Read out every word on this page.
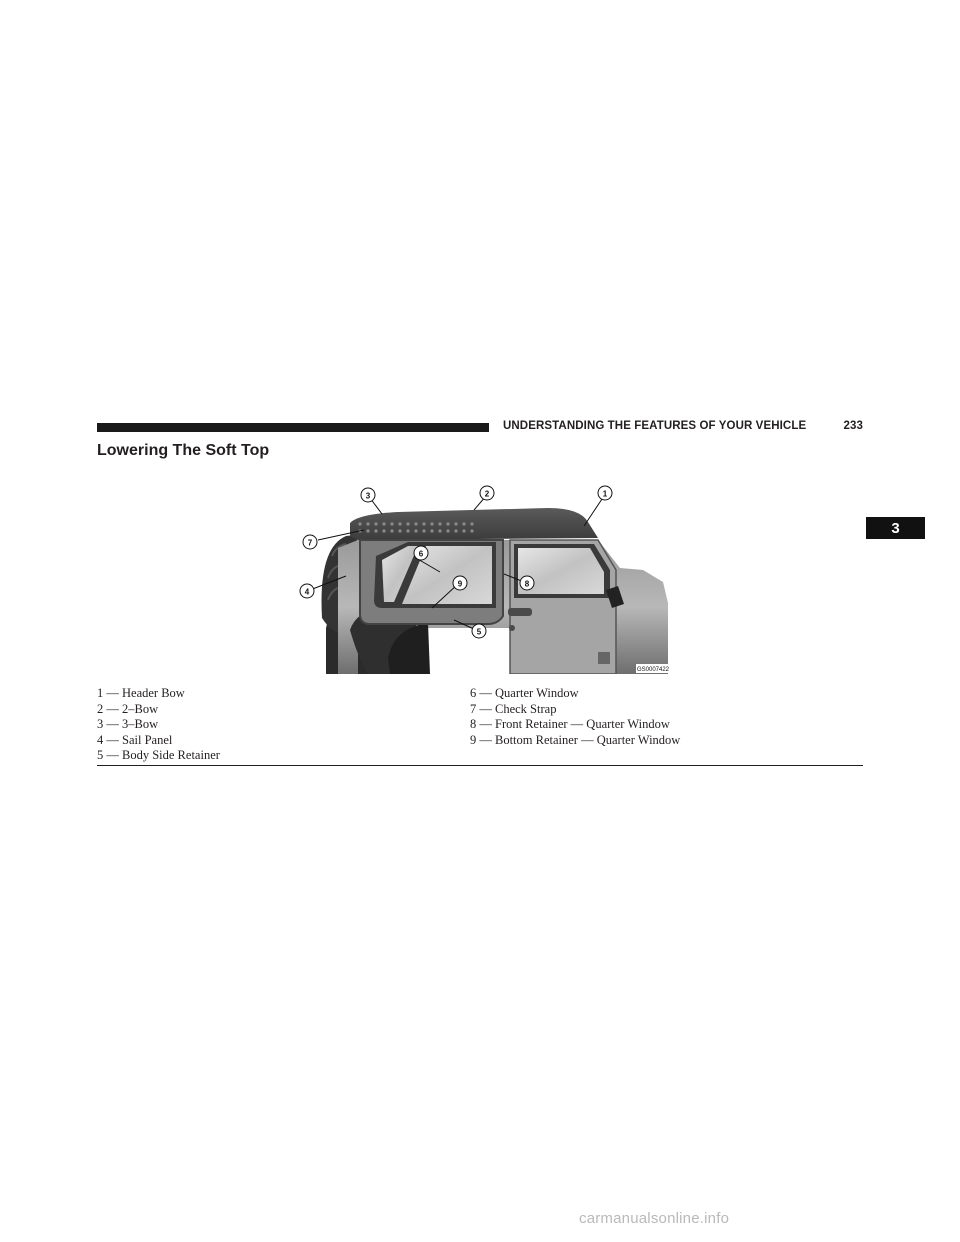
UNDERSTANDING THE FEATURES OF YOUR VEHICLE	233
Lowering The Soft Top
3
1
2
3
4
5
6
7
8
9
GS0007422
1 — Header Bow
2 — 2–Bow
3 — 3–Bow
4 — Sail Panel
5 — Body Side Retainer
6 — Quarter Window
7 — Check Strap
8 — Front Retainer — Quarter Window
9 — Bottom Retainer — Quarter Window
carmanualsonline.info
